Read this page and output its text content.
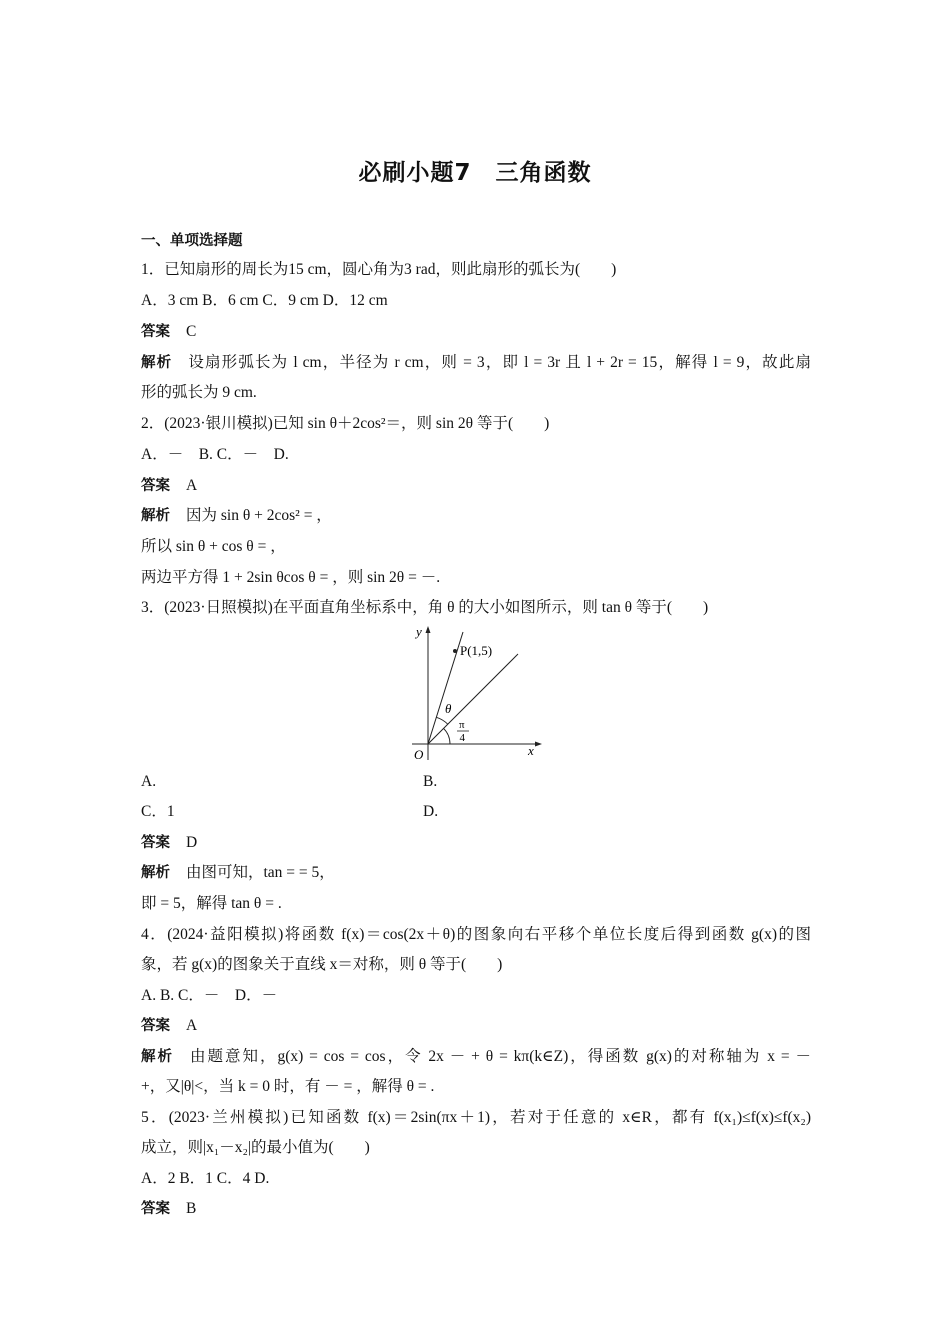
必刷小题7　三角函数
一、单项选择题
1．已知扇形的周长为15 cm，圆心角为3 rad，则此扇形的弧长为(　　)
A．3 cm B．6 cm C．9 cm D．12 cm
答案 C
解析 设扇形弧长为 l cm，半径为 r cm，则 = 3，即 l = 3r 且 l + 2r = 15，解得 l = 9，故此扇
形的弧长为 9 cm.
2．(2023·银川模拟)已知 sin θ＋2cos²＝，则 sin 2θ 等于(　　)
A．－　B. C．－　D.
答案 A
解析 因为 sin θ + 2cos² = ，
所以 sin θ + cos θ = ，
两边平方得 1 + 2sin θcos θ = ，则 sin 2θ = －.
3．(2023·日照模拟)在平面直角坐标系中，角 θ 的大小如图所示，则 tan θ 等于(　　)
A.	B.
C．1	D.
答案 D
解析 由图可知，tan = = 5，
即 = 5，解得 tan θ = .
4．(2024·益阳模拟)将函数 f(x)＝cos(2x＋θ)的图象向右平移个单位长度后得到函数 g(x)的图
象，若 g(x)的图象关于直线 x＝对称，则 θ 等于(　　)
A. B. C．－　D．－
答案 A
解析 由题意知，g(x) = cos = cos，令 2x － + θ = kπ(k∈Z)，得函数 g(x)的对称轴为 x = －
+，又|θ|<，当 k = 0 时，有 － = ，解得 θ = .
5．(2023·兰州模拟)已知函数 f(x)＝2sin(πx＋1)，若对于任意的 x∈R，都有 f(x₁)≤f(x)≤f(x₂)
成立，则|x₁－x₂|的最小值为(　　)
A．2 B．1 C．4 D.
答案 B
y
x
O
P(1,5)
θ
π
4
